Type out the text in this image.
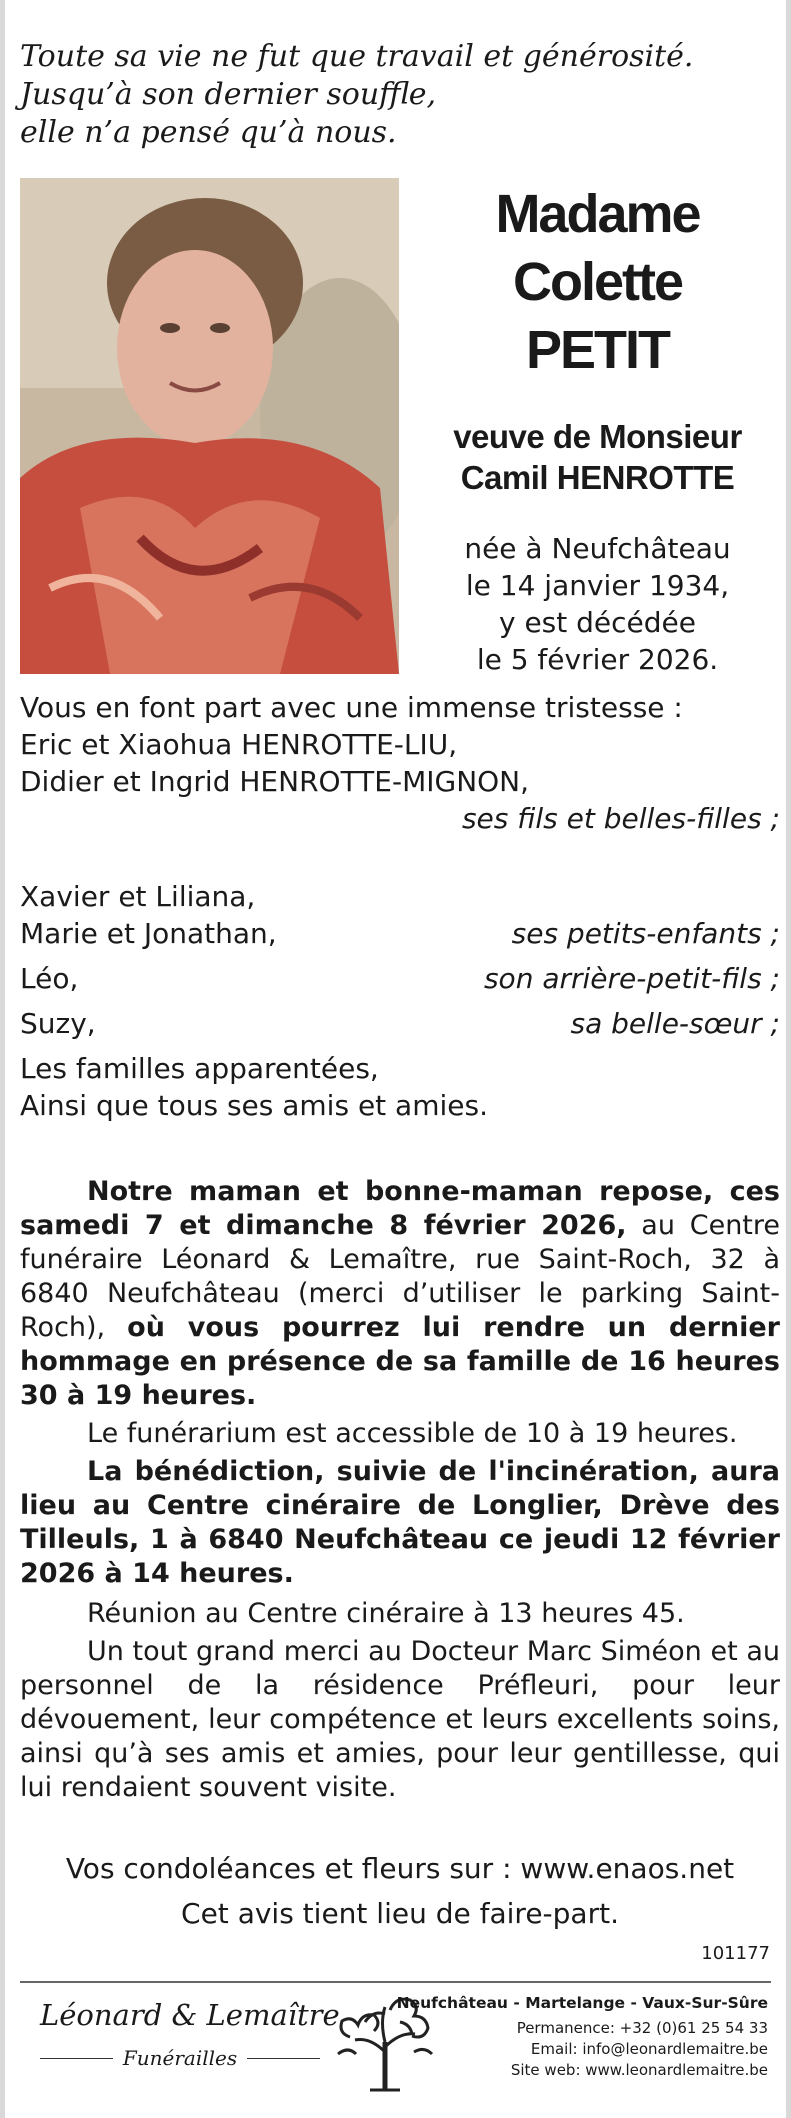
Toute sa vie ne fut que travail et générosité.
Jusqu’à son dernier souffle,
elle n’a pensé qu’à nous.
Madame
Colette
PETIT
veuve de Monsieur
Camil HENROTTE
née à Neufchâteau
le 14 janvier 1934,
y est décédée
le 5 février 2026.
Vous en font part avec une immense tristesse :
Eric et Xiaohua HENROTTE-LIU,
Didier et Ingrid HENROTTE-MIGNON,
ses fils et belles-filles ;
Xavier et Liliana,
Marie et Jonathan,	ses petits-enfants ;
Léo,	son arrière-petit-fils ;
Suzy,	sa belle-sœur ;
Les familles apparentées,
Ainsi que tous ses amis et amies.

Notre maman et bonne-maman repose, ces samedi 7 et dimanche 8 février 2026, au Centre funéraire Léonard & Lemaître, rue Saint-Roch, 32 à 6840 Neufchâteau (merci d’utiliser le parking Saint-Roch), où vous pourrez lui rendre un dernier hommage en présence de sa famille de 16 heures 30 à 19 heures.

Le funérarium est accessible de 10 à 19 heures.

La bénédiction, suivie de l'incinération, aura lieu au Centre cinéraire de Longlier, Drève des Tilleuls, 1 à 6840 Neufchâteau ce jeudi 12 février 2026 à 14 heures.

Réunion au Centre cinéraire à 13 heures 45.

Un tout grand merci au Docteur Marc Siméon et au personnel de la résidence Préfleuri, pour leur dévouement, leur compétence et leurs excellents soins, ainsi qu’à ses amis et amies, pour leur gentillesse, qui lui rendaient souvent visite.

Vos condoléances et fleurs sur : www.enaos.net
Cet avis tient lieu de faire-part.
101177
Léonard & Lemaître
Funérailles
Neufchâteau - Martelange - Vaux-Sur-Sûre
Permanence: +32 (0)61 25 54 33
Email: info@leonardlemaitre.be
Site web: www.leonardlemaitre.be
